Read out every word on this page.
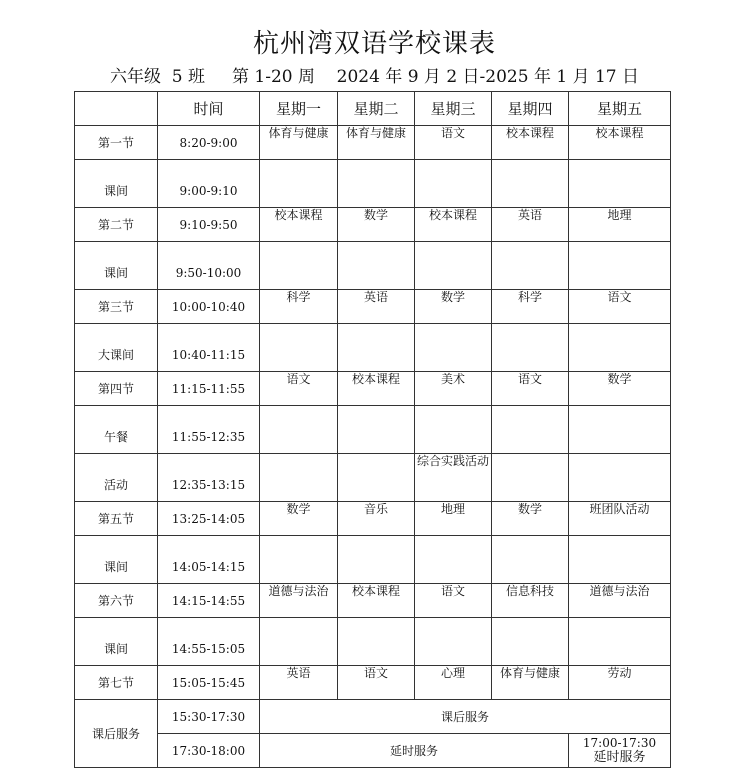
杭州湾双语学校课表
六年级  5 班     第 1-20 周    2024 年 9 月 2 日-2025 年 1 月 17 日
	时间	星期一	星期二	星期三	星期四	星期五
第一节	8:20-9:00	体育与健康	体育与健康	语文	校本课程	校本课程
课间	9:00-9:10					
第二节	9:10-9:50	校本课程	数学	校本课程	英语	地理
课间	9:50-10:00					
第三节	10:00-10:40	科学	英语	数学	科学	语文
大课间	10:40-11:15					
第四节	11:15-11:55	语文	校本课程	美术	语文	数学
午餐	11:55-12:35					
活动	12:35-13:15			综合实践活动		
第五节	13:25-14:05	数学	音乐	地理	数学	班团队活动
课间	14:05-14:15					
第六节	14:15-14:55	道德与法治	校本课程	语文	信息科技	道德与法治
课间	14:55-15:05					
第七节	15:05-15:45	英语	语文	心理	体育与健康	劳动
课后服务	15:30-17:30	课后服务				
	17:30-18:00	延时服务				17:00-17:30
延时服务
